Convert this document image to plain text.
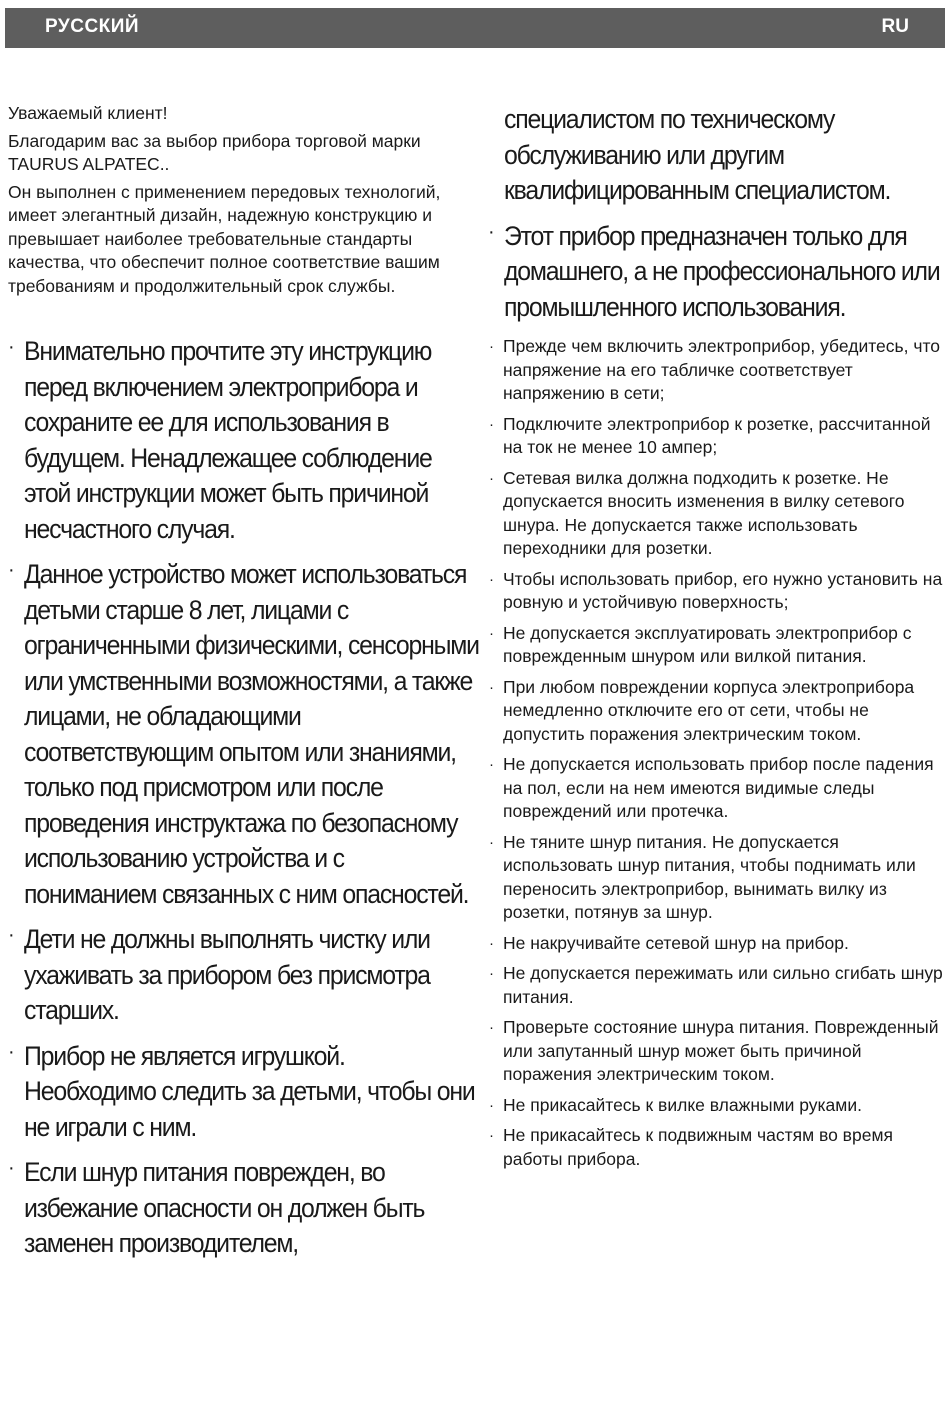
РУССКИЙ	RU

Уважаемый клиент!

Благодарим вас за выбор прибора торговой марки TAURUS ALPATEC..

Он выполнен с применением передовых технологий, имеет элегантный дизайн, надежную конструкцию и превышает наиболее требовательные стандарты качества, что обеспечит полное соответствие вашим требованиям и продолжительный срок службы.

· Внимательно прочтите эту инструкцию перед включением электроприбора и сохраните ее для использования в будущем. Ненадлежащее соблюдение этой инструкции может быть причиной несчастного случая.
· Данное устройство может использоваться детьми старше 8 лет, лицами с ограниченными физическими, сенсорными или умственными возможностями, а также лицами, не обладающими соответствующим опытом или знаниями, только под присмотром или после проведения инструктажа по безопасному использованию устройства и с пониманием связанных с ним опасностей.
· Дети не должны выполнять чистку или ухаживать за прибором без присмотра старших.
· Прибор не является игрушкой. Необходимо следить за детьми, чтобы они не играли с ним.
· Если шнур питания поврежден, во избежание опасности он должен быть заменен производителем,
специалистом по техническому обслуживанию или другим квалифицированным специалистом.
· Этот прибор предназначен только для домашнего, а не профессионального или промышленного использования.
· Прежде чем включить электроприбор, убедитесь, что напряжение на его табличке соответствует напряжению в сети;
· Подключите электроприбор к розетке, рассчитанной на ток не менее 10 ампер;
· Сетевая вилка должна подходить к розетке. Не допускается вносить изменения в вилку сетевого шнура. Не допускается также использовать переходники для розетки.
· Чтобы использовать прибор, его нужно установить на ровную и устойчивую поверхность;
· Не допускается эксплуатировать электроприбор с поврежденным шнуром или вилкой питания.
· При любом повреждении корпуса электроприбора немедленно отключите его от сети, чтобы не допустить поражения электрическим током.
· Не допускается использовать прибор после падения на пол, если на нем имеются видимые следы повреждений или протечка.
· Не тяните шнур питания. Не допускается использовать шнур питания, чтобы поднимать или переносить электроприбор, вынимать вилку из розетки, потянув за шнур.
· Не накручивайте сетевой шнур на прибор.
· Не допускается пережимать или сильно сгибать шнур питания.
· Проверьте состояние шнура питания. Поврежденный или запутанный шнур может быть причиной поражения электрическим током.
· Не прикасайтесь к вилке влажными руками.
· Не прикасайтесь к подвижным частям во время работы прибора.
